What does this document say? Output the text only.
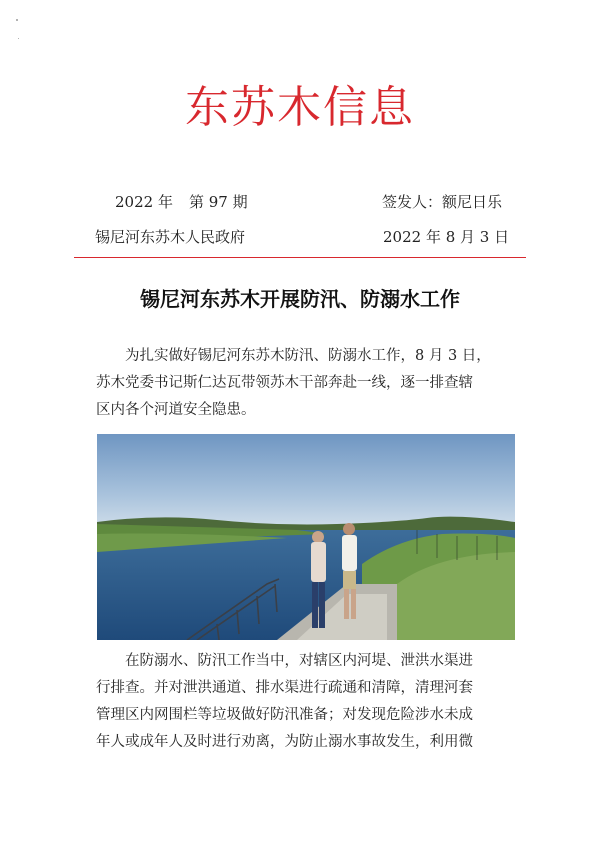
东苏木信息
2022 年 第 97 期	签发人：额尼日乐
锡尼河东苏木人民政府	2022 年 8 月 3 日
锡尼河东苏木开展防汛、防溺水工作
　　为扎实做好锡尼河东苏木防汛、防溺水工作，8 月 3 日，
苏木党委书记斯仁达瓦带领苏木干部奔赴一线，逐一排查辖
区内各个河道安全隐患。
　　在防溺水、防汛工作当中，对辖区内河堤、泄洪水渠进
行排查。并对泄洪通道、排水渠进行疏通和清障，清理河套
管理区内网围栏等垃圾做好防汛准备；对发现危险涉水未成
年人或成年人及时进行劝离，为防止溺水事故发生，利用微
